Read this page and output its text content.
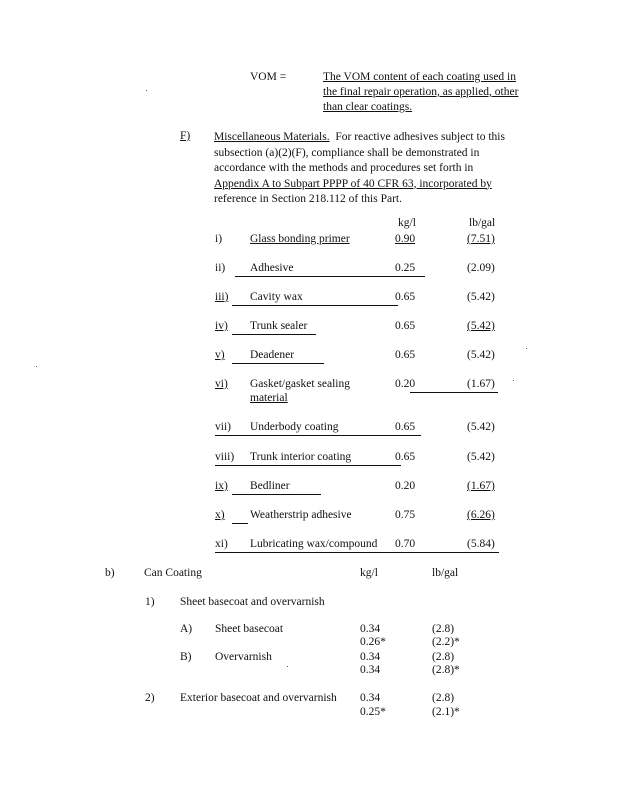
VOM =	The VOM content of each coating used in
the final repair operation, as applied, other
than clear coatings.
F) Miscellaneous Materials. For reactive adhesives subject to this
subsection (a)(2)(F), compliance shall be demonstrated in
accordance with the methods and procedures set forth in
Appendix A to Subpart PPPP of 40 CFR 63, incorporated by
reference in Section 218.112 of this Part.
kg/l	lb/gal
i) Glass bonding primer	0.90	(7.51)
ii) Adhesive	0.25	(2.09)
iii) Cavity wax	0.65	(5.42)
iv) Trunk sealer	0.65	(5.42)
v) Deadener	0.65	(5.42)
vi) Gasket/gasket sealing
material
0.20	(1.67)
vii) Underbody coating	0.65	(5.42)
viii) Trunk interior coating	0.65	(5.42)
ix) Bedliner	0.20	(1.67)
x) Weatherstrip adhesive	0.75	(6.26)
xi) Lubricating wax/compound 0.70	(5.84)
b)	Can Coating	kg/l	lb/gal
1) Sheet basecoat and overvarnish
A) Sheet basecoat	0.34	(2.8)
0.26*	(2.2)*
B) Overvarnish	0.34	(2.8)
0.34	(2.8)*
2) Exterior basecoat and overvarnish 0.34	(2.8)
0.25*	(2.1)*
